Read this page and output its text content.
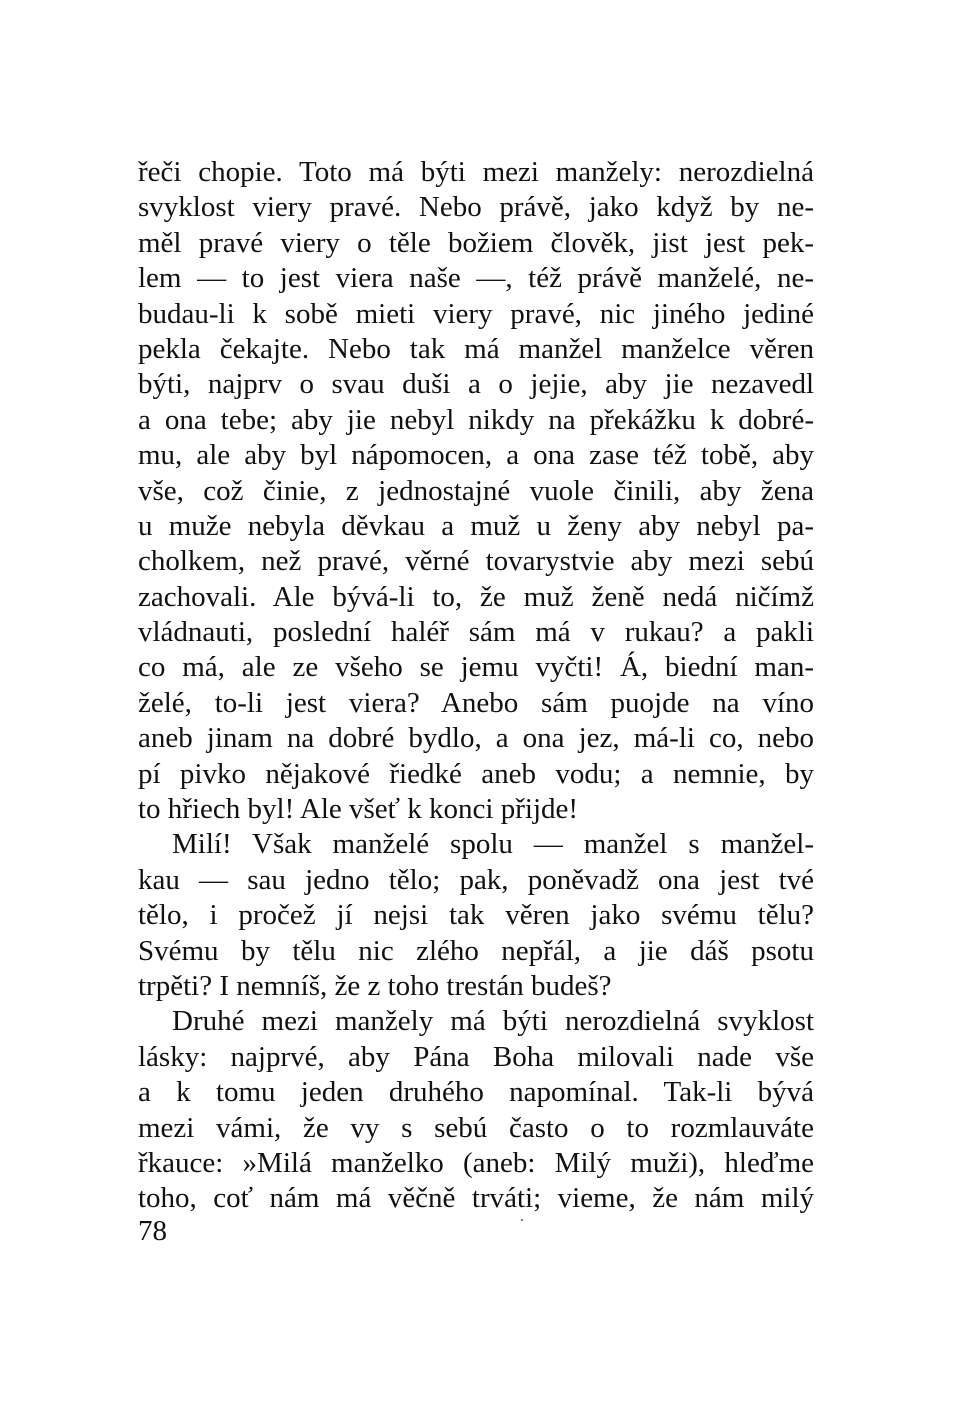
řeči chopie. Toto má býti mezi manžely: nerozdielná
svyklost viery pravé. Nebo právě, jako když by ne-
měl pravé viery o těle božiem člověk, jist jest pek-
lem — to jest viera naše —, též právě manželé, ne-
budau-li k sobě mieti viery pravé, nic jiného jediné
pekla čekajte. Nebo tak má manžel manželce věren
býti, najprv o svau duši a o jejie, aby jie nezavedl
a ona tebe; aby jie nebyl nikdy na překážku k dobré-
mu, ale aby byl nápomocen, a ona zase též tobě, aby
vše, což činie, z jednostajné vuole činili, aby žena
u muže nebyla děvkau a muž u ženy aby nebyl pa-
cholkem, než pravé, věrné tovarystvie aby mezi sebú
zachovali. Ale bývá-li to, že muž ženě nedá ničímž
vládnauti, poslední haléř sám má v rukau? a pakli
co má, ale ze všeho se jemu vyčti! Á, biední man-
želé, to-li jest viera? Anebo sám puojde na víno
aneb jinam na dobré bydlo, a ona jez, má-li co, nebo
pí pivko nějakové řiedké aneb vodu; a nemnie, by
to hřiech byl! Ale všeť k konci přijde!
Milí! Však manželé spolu — manžel s manžel-
kau — sau jedno tělo; pak, poněvadž ona jest tvé
tělo, i pročež jí nejsi tak věren jako svému tělu?
Svému by tělu nic zlého nepřál, a jie dáš psotu
trpěti? I nemníš, že z toho trestán budeš?
Druhé mezi manžely má býti nerozdielná svyklost
lásky: najprvé, aby Pána Boha milovali nade vše
a k tomu jeden druhého napomínal. Tak-li bývá
mezi vámi, že vy s sebú často o to rozmlauváte
řkauce: »Milá manželko (aneb: Milý muži), hleďme
toho, coť nám má věčně trváti; vieme, že nám milý
78
